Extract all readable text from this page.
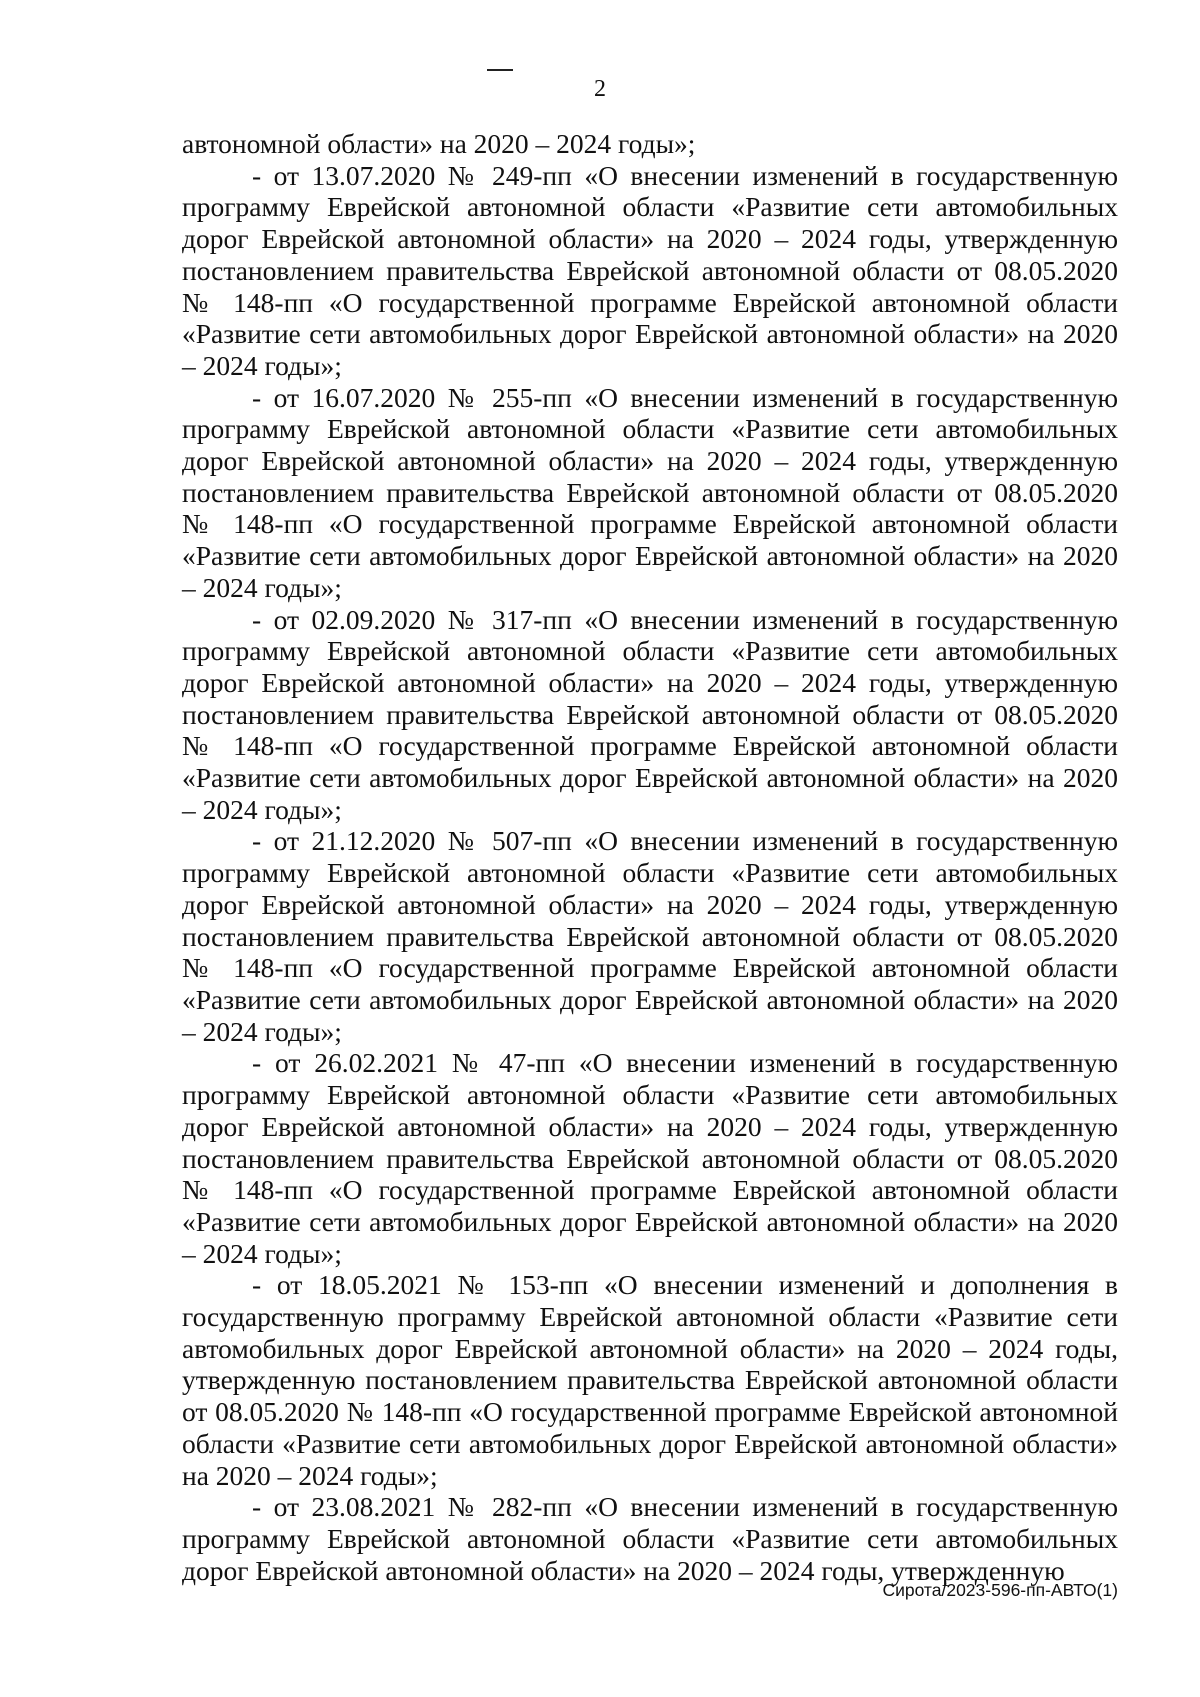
2

автономной области» на 2020 – 2024 годы»;

- от 13.07.2020 № 249-пп «О внесении изменений в государственную программу Еврейской автономной области «Развитие сети автомобильных дорог Еврейской автономной области» на 2020 – 2024 годы, утвержденную постановлением правительства Еврейской автономной области от 08.05.2020 № 148-пп «О государственной программе Еврейской автономной области «Развитие сети автомобильных дорог Еврейской автономной области» на 2020 – 2024 годы»;

- от 16.07.2020 № 255-пп «О внесении изменений в государственную программу Еврейской автономной области «Развитие сети автомобильных дорог Еврейской автономной области» на 2020 – 2024 годы, утвержденную постановлением правительства Еврейской автономной области от 08.05.2020 № 148-пп «О государственной программе Еврейской автономной области «Развитие сети автомобильных дорог Еврейской автономной области» на 2020 – 2024 годы»;

- от 02.09.2020 № 317-пп «О внесении изменений в государственную программу Еврейской автономной области «Развитие сети автомобильных дорог Еврейской автономной области» на 2020 – 2024 годы, утвержденную постановлением правительства Еврейской автономной области от 08.05.2020 № 148-пп «О государственной программе Еврейской автономной области «Развитие сети автомобильных дорог Еврейской автономной области» на 2020 – 2024 годы»;

- от 21.12.2020 № 507-пп «О внесении изменений в государственную программу Еврейской автономной области «Развитие сети автомобильных дорог Еврейской автономной области» на 2020 – 2024 годы, утвержденную постановлением правительства Еврейской автономной области от 08.05.2020 № 148-пп «О государственной программе Еврейской автономной области «Развитие сети автомобильных дорог Еврейской автономной области» на 2020 – 2024 годы»;

- от 26.02.2021 № 47-пп «О внесении изменений в государственную программу Еврейской автономной области «Развитие сети автомобильных дорог Еврейской автономной области» на 2020 – 2024 годы, утвержденную постановлением правительства Еврейской автономной области от 08.05.2020 № 148-пп «О государственной программе Еврейской автономной области «Развитие сети автомобильных дорог Еврейской автономной области» на 2020 – 2024 годы»;

- от 18.05.2021 № 153-пп «О внесении изменений и дополнения в государственную программу Еврейской автономной области «Развитие сети автомобильных дорог Еврейской автономной области» на 2020 – 2024 годы, утвержденную постановлением правительства Еврейской автономной области от 08.05.2020 № 148-пп «О государственной программе Еврейской автономной области «Развитие сети автомобильных дорог Еврейской автономной области» на 2020 – 2024 годы»;

- от 23.08.2021 № 282-пп «О внесении изменений в государственную программу Еврейской автономной области «Развитие сети автомобильных дорог Еврейской автономной области» на 2020 – 2024 годы, утвержденную

Сирота/2023-596-пп-АВТО(1)
